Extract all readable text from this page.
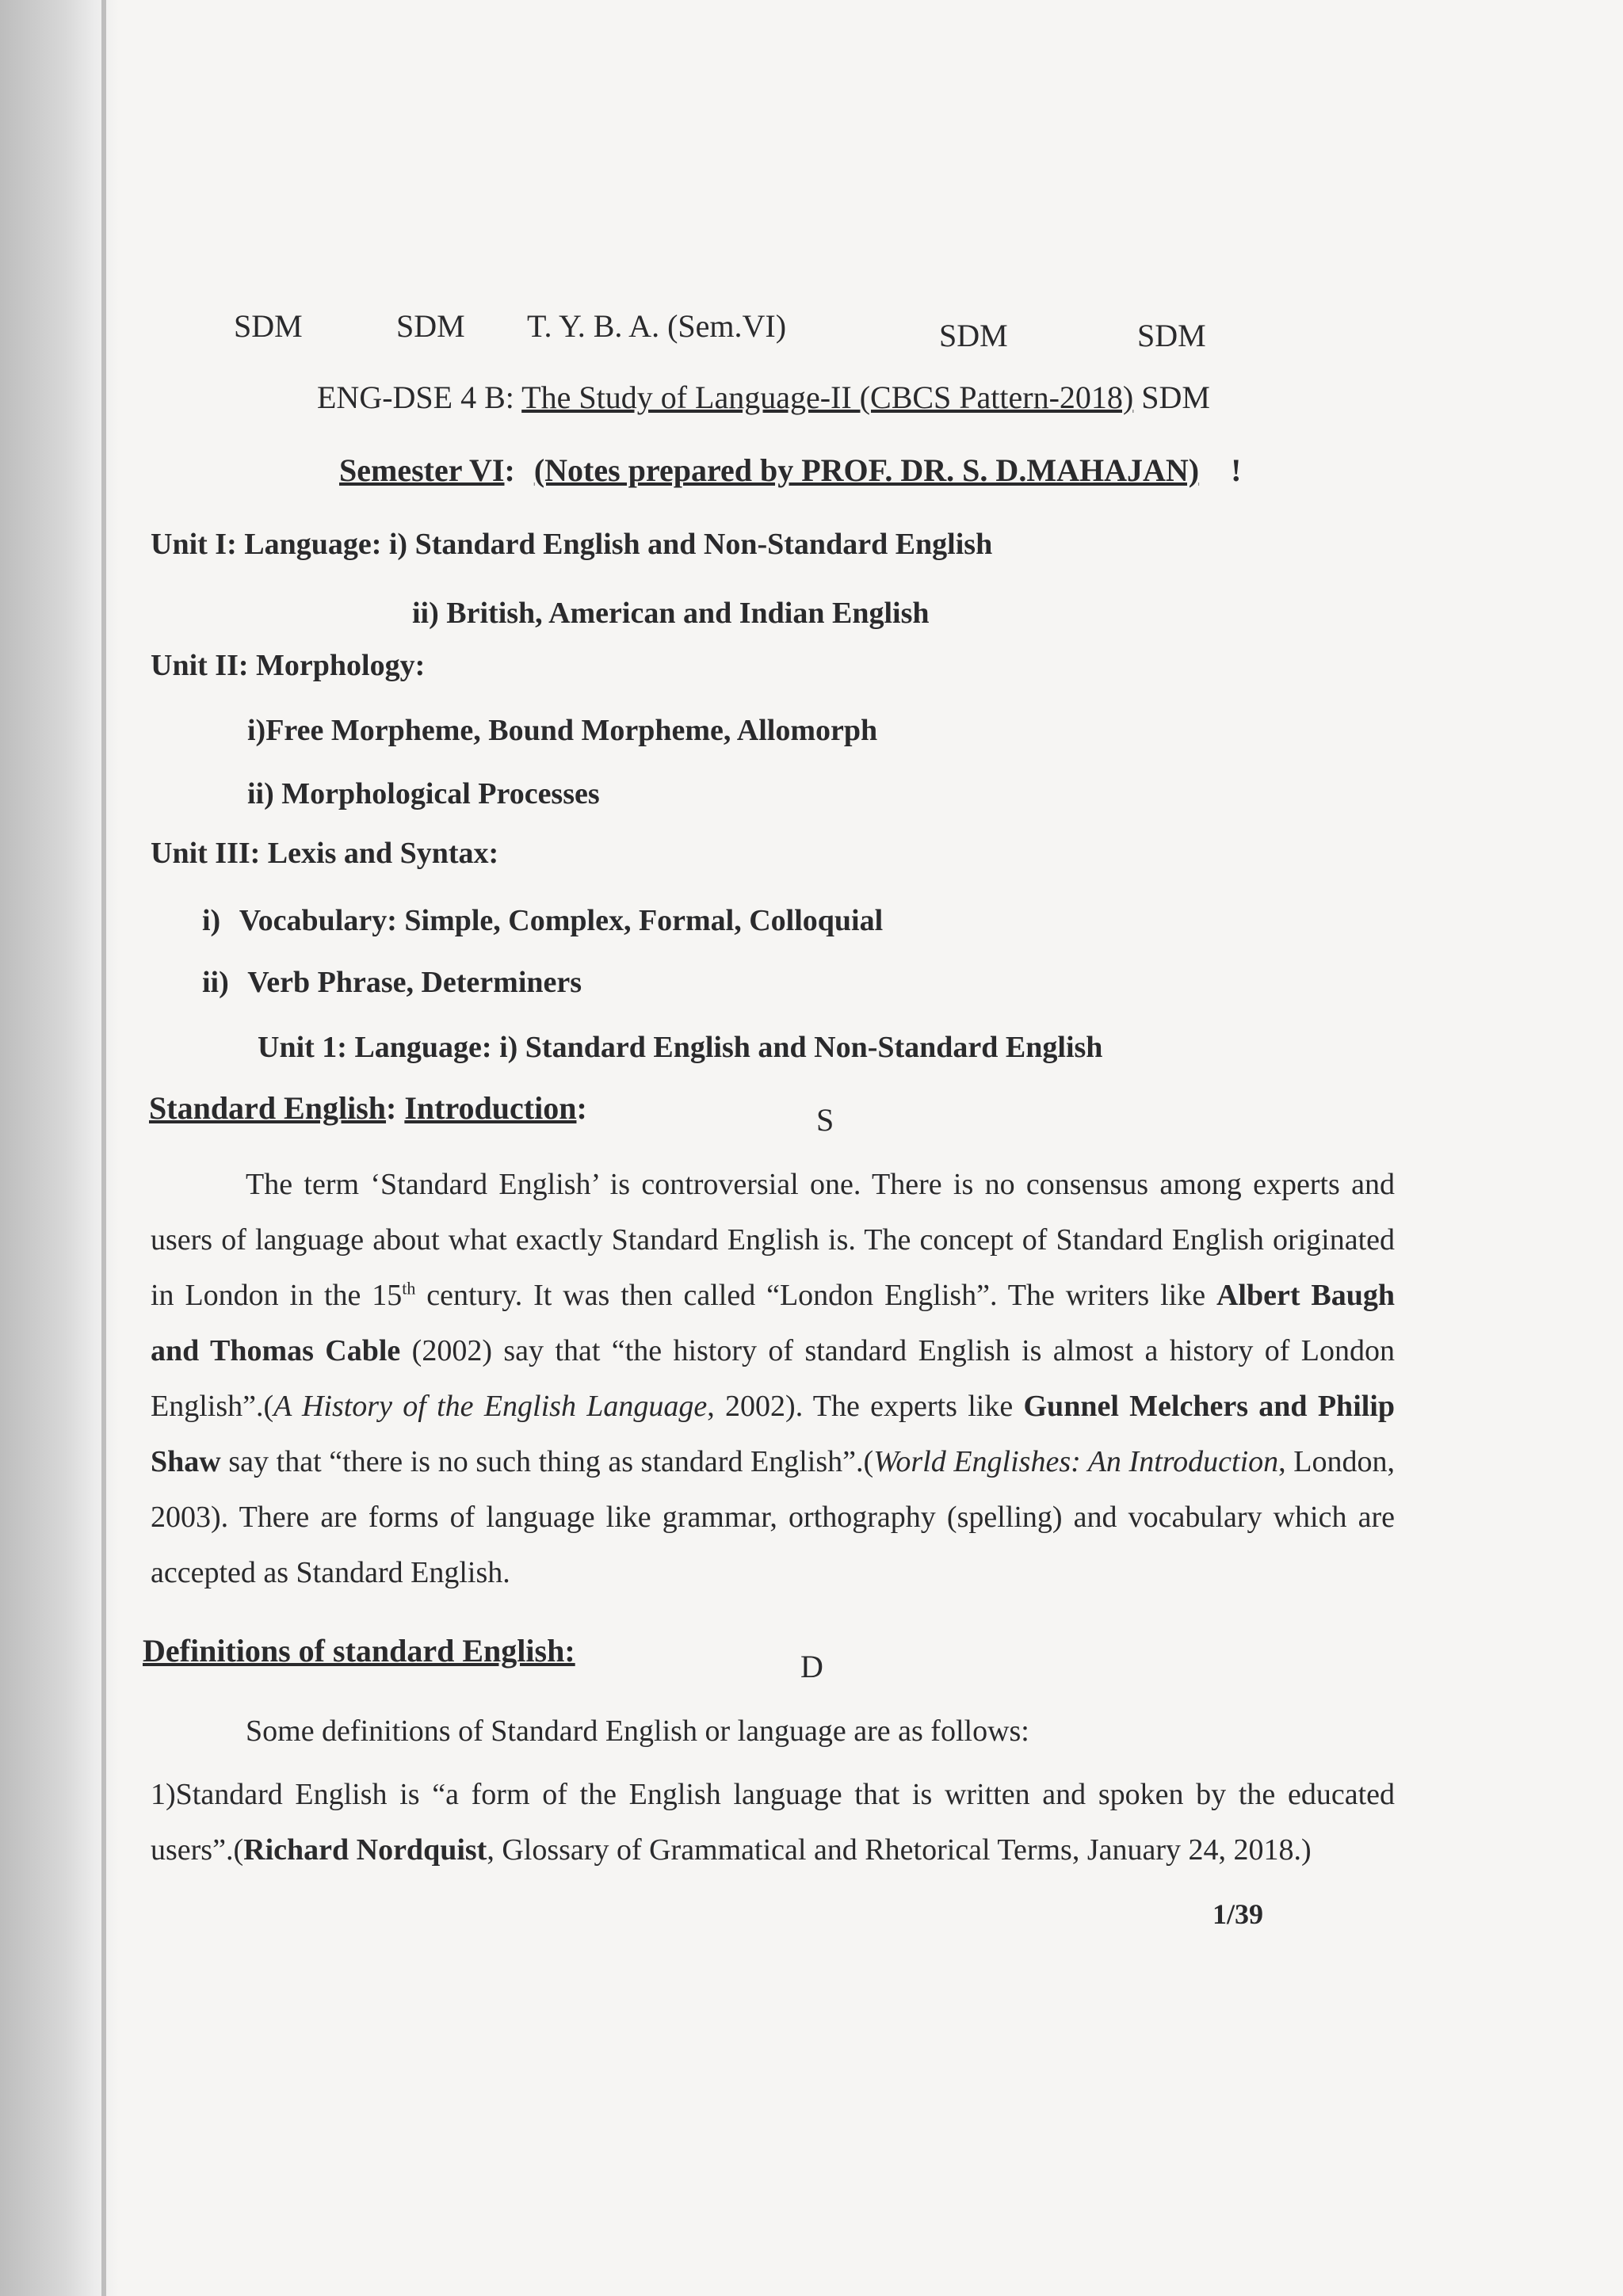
SDM	SDM T. Y. B. A. (Sem.VI)	SDM	SDM
ENG-DSE 4 B: The Study of Language-II (CBCS Pattern-2018) SDM
Semester VI: (Notes prepared by PROF. DR. S. D.MAHAJAN) !
Unit I: Language: i) Standard English and Non-Standard English
ii) British, American and Indian English
Unit II: Morphology:
i)Free Morpheme, Bound Morpheme, Allomorph
ii) Morphological Processes
Unit III: Lexis and Syntax:
i) Vocabulary: Simple, Complex, Formal, Colloquial
ii) Verb Phrase, Determiners
Unit 1: Language: i) Standard English and Non-Standard English
Standard English: Introduction:	S

The term ‘Standard English’ is controversial one. There is no consensus among experts and users of language about what exactly Standard English is. The concept of Standard English originated in London in the 15th century. It was then called “London English”. The writers like Albert Baugh and Thomas Cable (2002) say that “the history of standard English is almost a history of London English”.(A History of the English Language, 2002). The experts like Gunnel Melchers and Philip Shaw say that “there is no such thing as standard English”.(World Englishes: An Introduction, London, 2003). There are forms of language like grammar, orthography (spelling) and vocabulary which are accepted as Standard English.

Definitions of standard English:	D

Some definitions of Standard English or language are as follows:

1)Standard English is “a form of the English language that is written and spoken by the educated users”.(Richard Nordquist, Glossary of Grammatical and Rhetorical Terms, January 24, 2018.)

1/39
